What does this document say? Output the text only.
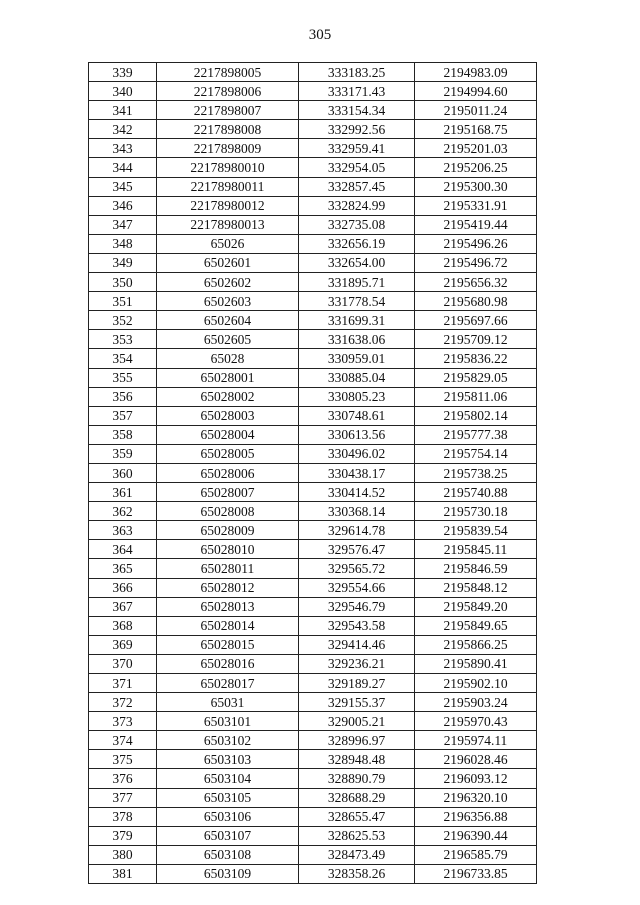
305
339	2217898005	333183.25	2194983.09
340	2217898006	333171.43	2194994.60
341	2217898007	333154.34	2195011.24
342	2217898008	332992.56	2195168.75
343	2217898009	332959.41	2195201.03
344	22178980010	332954.05	2195206.25
345	22178980011	332857.45	2195300.30
346	22178980012	332824.99	2195331.91
347	22178980013	332735.08	2195419.44
348	65026	332656.19	2195496.26
349	6502601	332654.00	2195496.72
350	6502602	331895.71	2195656.32
351	6502603	331778.54	2195680.98
352	6502604	331699.31	2195697.66
353	6502605	331638.06	2195709.12
354	65028	330959.01	2195836.22
355	65028001	330885.04	2195829.05
356	65028002	330805.23	2195811.06
357	65028003	330748.61	2195802.14
358	65028004	330613.56	2195777.38
359	65028005	330496.02	2195754.14
360	65028006	330438.17	2195738.25
361	65028007	330414.52	2195740.88
362	65028008	330368.14	2195730.18
363	65028009	329614.78	2195839.54
364	65028010	329576.47	2195845.11
365	65028011	329565.72	2195846.59
366	65028012	329554.66	2195848.12
367	65028013	329546.79	2195849.20
368	65028014	329543.58	2195849.65
369	65028015	329414.46	2195866.25
370	65028016	329236.21	2195890.41
371	65028017	329189.27	2195902.10
372	65031	329155.37	2195903.24
373	6503101	329005.21	2195970.43
374	6503102	328996.97	2195974.11
375	6503103	328948.48	2196028.46
376	6503104	328890.79	2196093.12
377	6503105	328688.29	2196320.10
378	6503106	328655.47	2196356.88
379	6503107	328625.53	2196390.44
380	6503108	328473.49	2196585.79
381	6503109	328358.26	2196733.85
